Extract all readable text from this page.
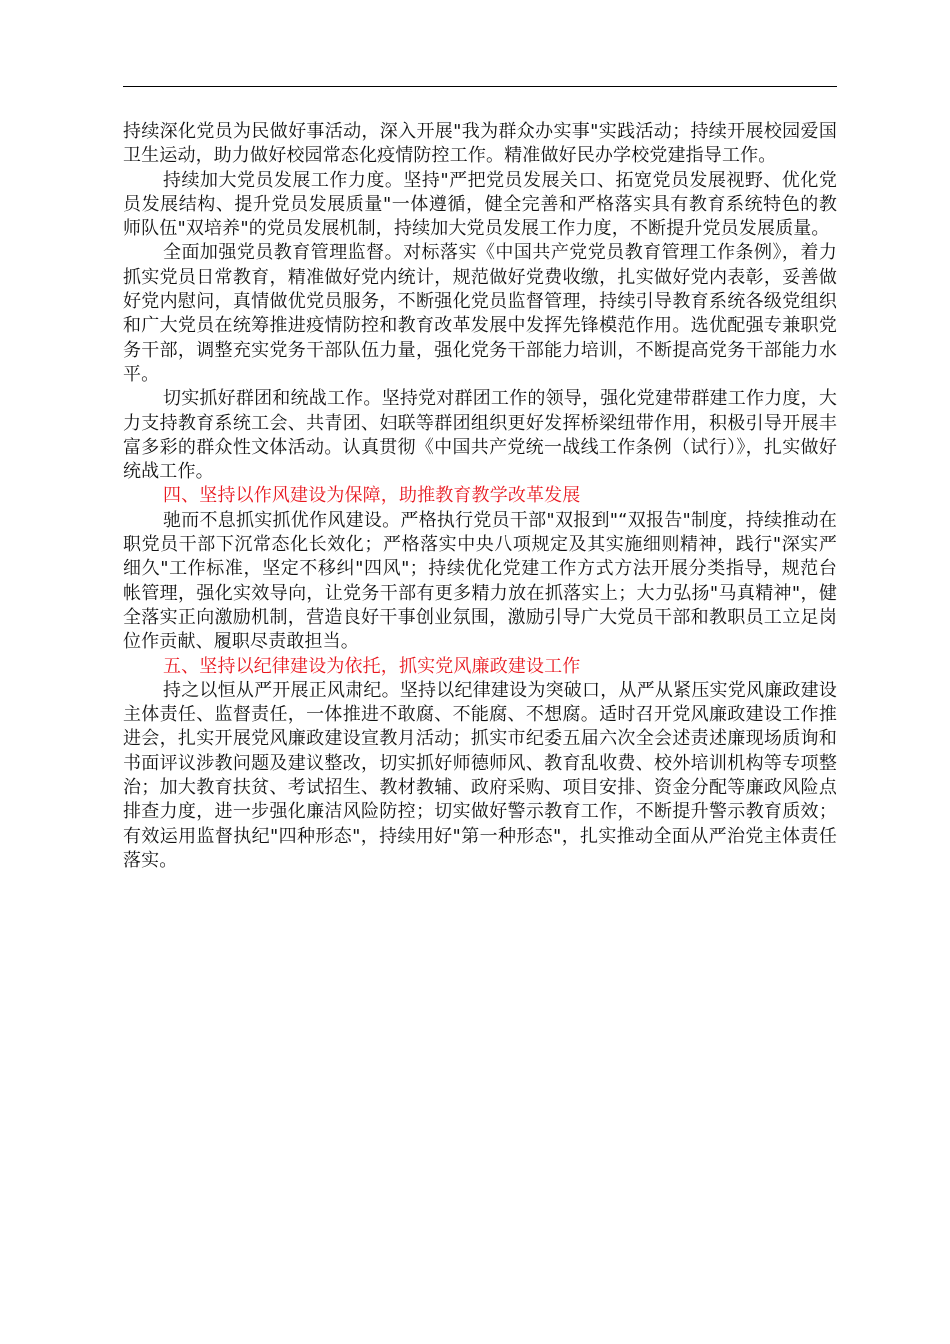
持续深化党员为民做好事活动，深入开展"我为群众办实事"实践活动；持续开展校园爱国卫生运动，助力做好校园常态化疫情防控工作。精准做好民办学校党建指导工作。

持续加大党员发展工作力度。坚持"严把党员发展关口、拓宽党员发展视野、优化党员发展结构、提升党员发展质量"一体遵循，健全完善和严格落实具有教育系统特色的教师队伍"双培养"的党员发展机制，持续加大党员发展工作力度，不断提升党员发展质量。

全面加强党员教育管理监督。对标落实《中国共产党党员教育管理工作条例》，着力抓实党员日常教育，精准做好党内统计，规范做好党费收缴，扎实做好党内表彰，妥善做好党内慰问，真情做优党员服务，不断强化党员监督管理，持续引导教育系统各级党组织和广大党员在统筹推进疫情防控和教育改革发展中发挥先锋模范作用。选优配强专兼职党务干部，调整充实党务干部队伍力量，强化党务干部能力培训，不断提高党务干部能力水平。

切实抓好群团和统战工作。坚持党对群团工作的领导，强化党建带群建工作力度，大力支持教育系统工会、共青团、妇联等群团组织更好发挥桥梁纽带作用，积极引导开展丰富多彩的群众性文体活动。认真贯彻《中国共产党统一战线工作条例（试行）》，扎实做好统战工作。

四、坚持以作风建设为保障，助推教育教学改革发展

驰而不息抓实抓优作风建设。严格执行党员干部"双报到"“双报告"制度，持续推动在职党员干部下沉常态化长效化；严格落实中央八项规定及其实施细则精神，践行"深实严细久"工作标准，坚定不移纠"四风"；持续优化党建工作方式方法开展分类指导，规范台帐管理，强化实效导向，让党务干部有更多精力放在抓落实上；大力弘扬"马真精神"，健全落实正向激励机制，营造良好干事创业氛围，激励引导广大党员干部和教职员工立足岗位作贡献、履职尽责敢担当。

五、坚持以纪律建设为依托，抓实党风廉政建设工作

持之以恒从严开展正风肃纪。坚持以纪律建设为突破口，从严从紧压实党风廉政建设主体责任、监督责任，一体推进不敢腐、不能腐、不想腐。适时召开党风廉政建设工作推进会，扎实开展党风廉政建设宣教月活动；抓实市纪委五届六次全会述责述廉现场质询和书面评议涉教问题及建议整改，切实抓好师德师风、教育乱收费、校外培训机构等专项整治；加大教育扶贫、考试招生、教材教辅、政府采购、项目安排、资金分配等廉政风险点排查力度，进一步强化廉洁风险防控；切实做好警示教育工作，不断提升警示教育质效；有效运用监督执纪"四种形态"，持续用好"第一种形态"，扎实推动全面从严治党主体责任落实。
